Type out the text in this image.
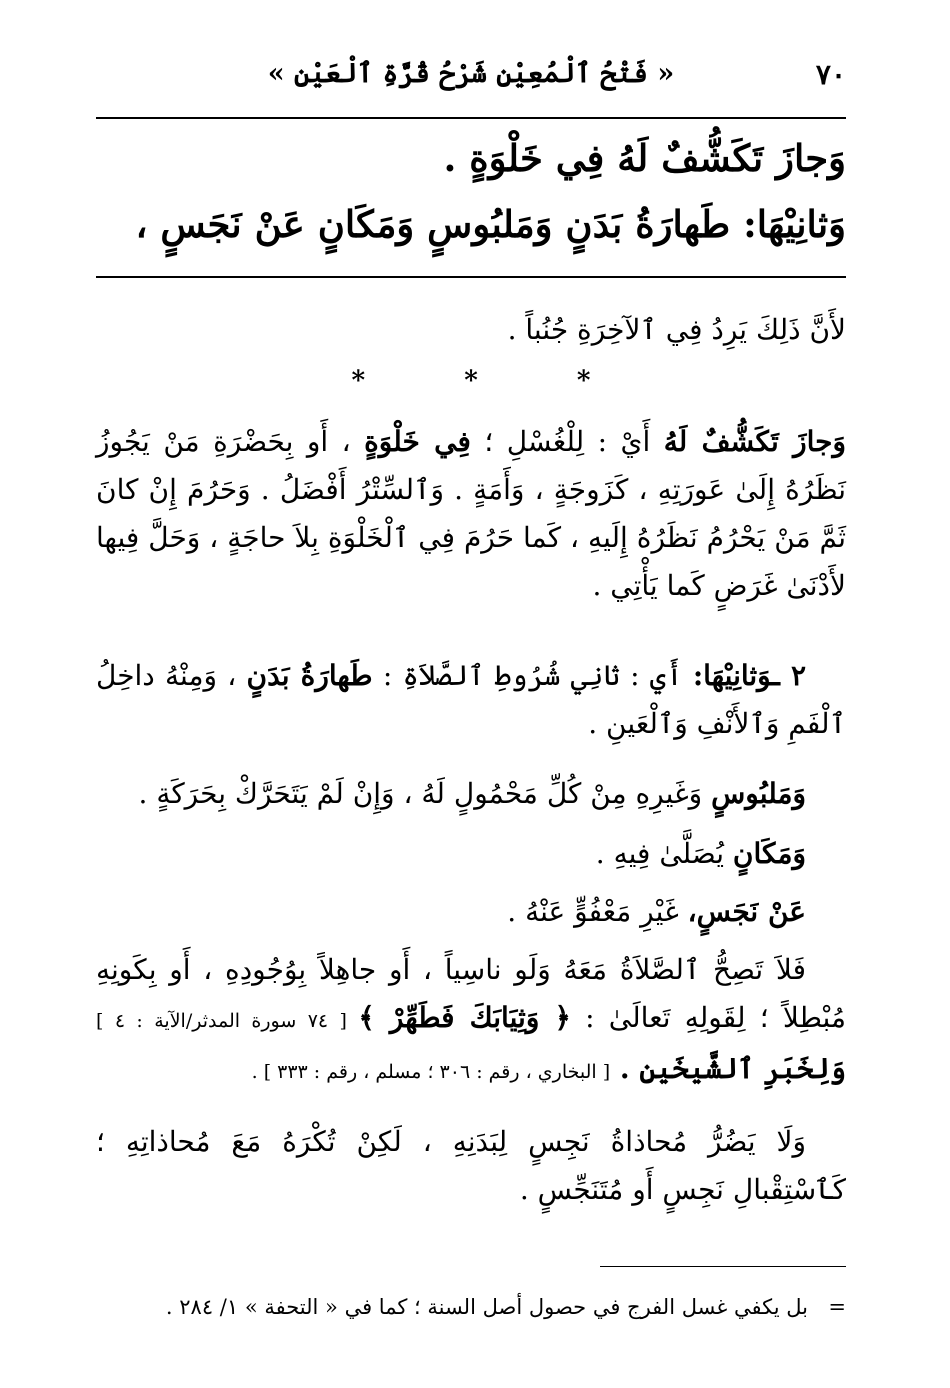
٧٠
« فَتْحُ ٱلْمُعِيْنِ شَرْحُ قُرَّةِ ٱلْعَيْنِ »
وَجازَ تَكَشُّفٌ لَهُ فِي خَلْوَةٍ .
وَثانِيْهَا: طَهارَةُ بَدَنٍ وَمَلبُوسٍ وَمَكَانٍ عَنْ نَجَسٍ ،
لأَنَّ ذَلِكَ يَرِدُ فِي ٱلآخِرَةِ جُنُباً .
* * *
وَجازَ تَكَشُّفٌ لَهُ أَيْ : لِلْغُسْلِ ؛ فِي خَلْوَةٍ ، أَو بِحَضْرَةِ مَنْ يَجُوزُ نَظَرُهُ إِلَىٰ عَورَتِهِ ، كَزَوجَةٍ ، وَأَمَةٍ . وَٱلسِّتْرُ أَفْضَلُ . وَحَرُمَ إِنْ كانَ ثَمَّ مَنْ يَحْرُمُ نَظَرُهُ إِلَيهِ ، كَما حَرُمَ فِي ٱلْخَلْوَةِ بِلاَ حاجَةٍ ، وَحَلَّ فِيها لأَدْنَىٰ غَرَضٍ كَما يَأْتِي .
٢ ـوَثانِيْهَا: أَي : ثانِي شُرُوطِ ٱلصَّلاَةِ : طَهارَةُ بَدَنٍ ، وَمِنْهُ داخِلُ ٱلْفَمِ وَٱلأَنْفِ وَٱلْعَينِ .
وَمَلبُوسٍ وَغَيرِهِ مِنْ كُلِّ مَحْمُولٍ لَهُ ، وَإِنْ لَمْ يَتَحَرَّكْ بِحَرَكَةٍ .
وَمَكَانٍ يُصَلَّىٰ فِيهِ .
عَنْ نَجَسٍ، غَيْرِ مَعْفُوٍّ عَنْهُ .
فَلاَ تَصِحُّ ٱلصَّلاَةُ مَعَهُ وَلَو ناسِياً ، أَو جاهِلاً بِوُجُودِهِ ، أَو بِكَونِهِ مُبْطِلاً ؛ لِقَولِهِ تَعالَىٰ : ﴿ وَثِيَابَكَ فَطَهِّرْ ﴾ [ ٧٤ سورة المدثر/الآية : ٤ ] وَلِخَبَرِ ٱلشَّيخَينِ . [ البخاري ، رقم : ٣٠٦ ؛ مسلم ، رقم : ٣٣٣ ] .
وَلَا يَضُرُّ مُحاذاةُ نَجِسٍ لِبَدَنِهِ ، لَكِنْ تُكْرَهُ مَعَ مُحاذاتِهِ ؛ كَٱسْتِقْبالِ نَجِسٍ أَو مُتَنَجِّسٍ .
=
بل يكفي غسل الفرج في حصول أصل السنة ؛ كما في « التحفة » ١/ ٢٨٤ .
